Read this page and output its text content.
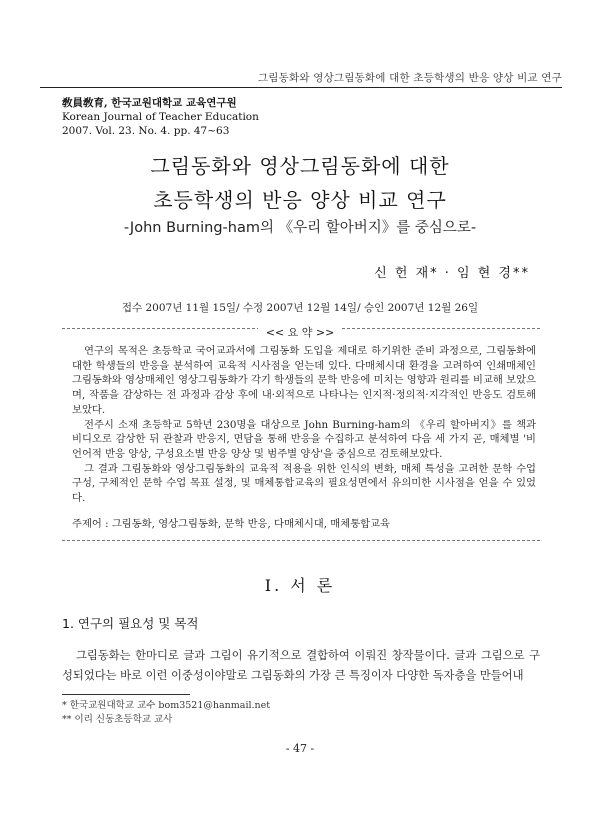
그림동화와 영상그림동화에 대한 초등학생의 반응 양상 비교 연구
敎員敎育, 한국교원대학교 교육연구원
Korean Journal of Teacher Education
2007. Vol. 23. No. 4. pp. 47~63
그림동화와 영상그림동화에 대한
초등학생의 반응 양상 비교 연구
-John Burning-ham의 《우리 할아버지》를 중심으로-
신 헌 재* · 임 현 경**
접수 2007년 11월 15일/ 수정 2007년 12월 14일/ 승인 2007년 12월 26일
<< 요 약 >>

연구의 목적은 초등학교 국어교과서에 그림동화 도입을 제대로 하기위한 준비 과정으로, 그림동화에 대한 학생들의 반응을 분석하여 교육적 시사점을 얻는데 있다. 다매체시대 환경을 고려하여 인쇄매체인 그림동화와 영상매체인 영상그림동화가 각기 학생들의 문학 반응에 미치는 영향과 원리를 비교해 보았으며, 작품을 감상하는 전 과정과 감상 후에 내·외적으로 나타나는 인지적·정의적·지각적인 반응도 검토해보았다.

전주시 소재 초등학교 5학년 230명을 대상으로 John Burning-ham의 《우리 할아버지》를 책과 비디오로 감상한 뒤 관찰과 반응지, 면담을 통해 반응을 수집하고 분석하여 다음 세 가지 곧, 매체별 '비언어적 반응 양상, 구성요소별 반응 양상 및 범주별 양상'을 중심으로 검토해보았다.

그 결과 그림동화와 영상그림동화의 교육적 적용을 위한 인식의 변화, 매체 특성을 고려한 문학 수업 구성, 구체적인 문학 수업 목표 설정, 및 매체통합교육의 필요성면에서 유의미한 시사점을 얻을 수 있었다.

주제어 : 그림동화, 영상그림동화, 문학 반응, 다매체시대, 매체통합교육
Ⅰ. 서 론
1. 연구의 필요성 및 목적

그림동화는 한마디로 글과 그림이 유기적으로 결합하여 이뤄진 창작물이다. 글과 그림으로 구성되었다는 바로 이런 이중성이야말로 그림동화의 가장 큰 특징이자 다양한 독자층을 만들어내

* 한국교원대학교 교수 bom3521@hanmail.net
** 이리 신동초등학교 교사
- 47 -
